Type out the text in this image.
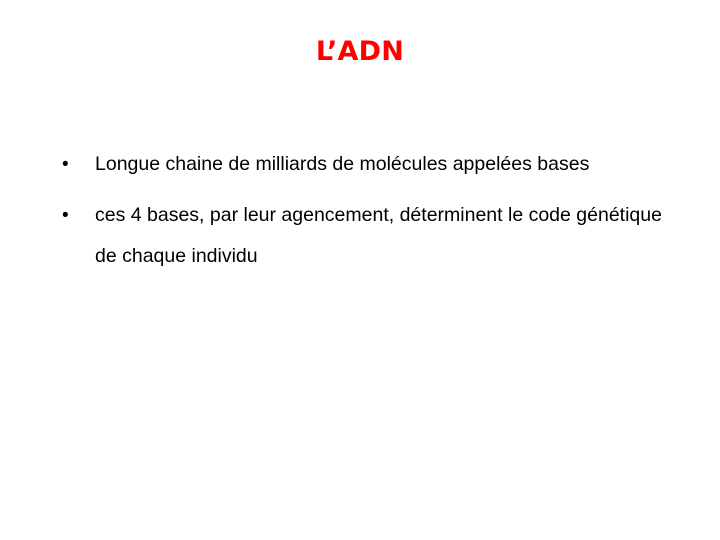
L’ADN
• Longue chaine de milliards de molécules appelées bases
• ces 4 bases, par leur agencement, déterminent le code génétique de chaque individu
